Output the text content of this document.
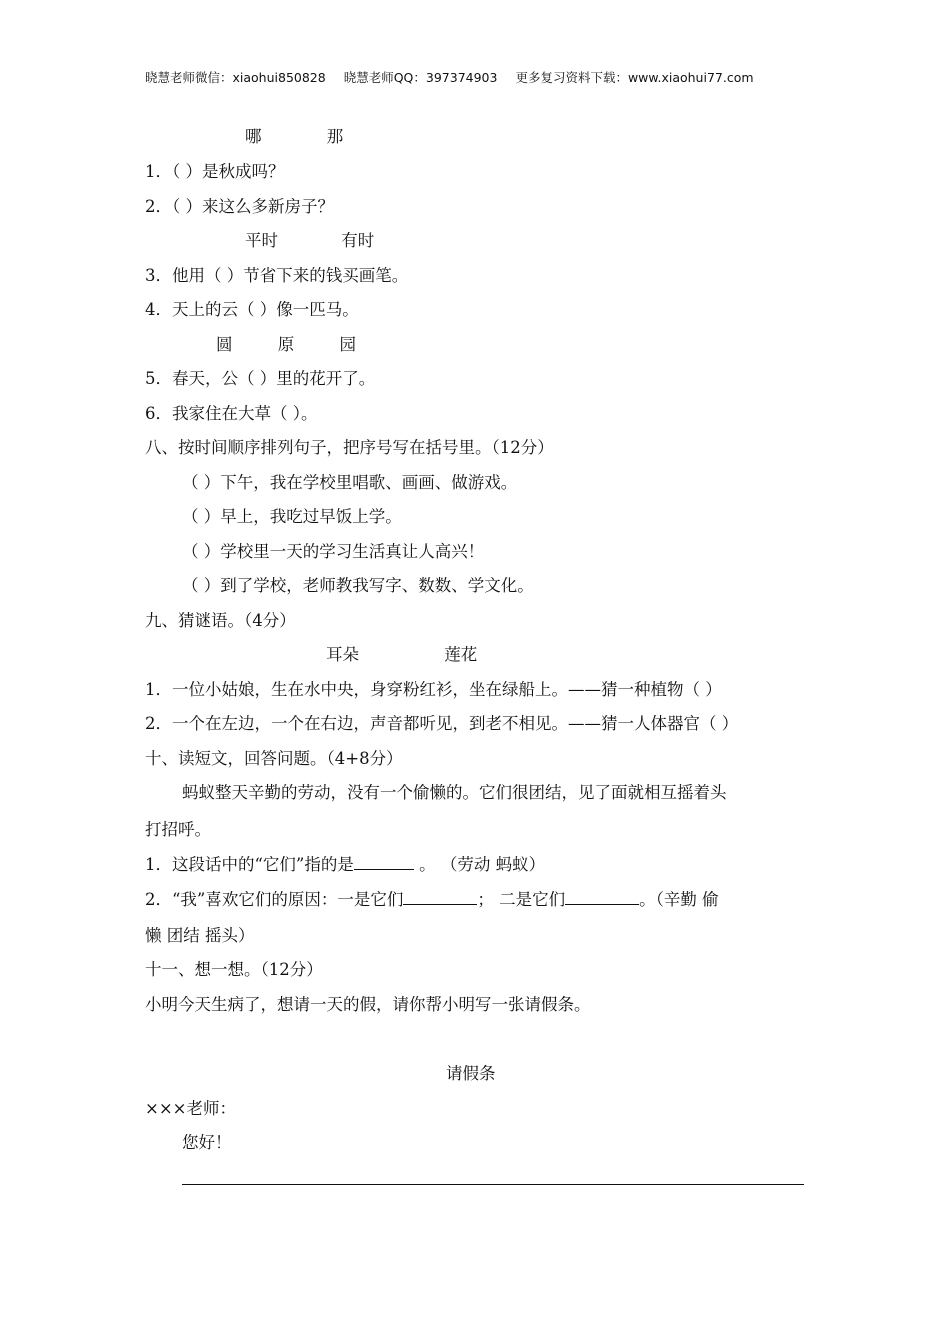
晓慧老师微信：xiaohui850828 晓慧老师QQ：397374903 更多复习资料下载：www.xiaohui77.com
哪	那
1．（ ）是秋成吗？
2．（ ）来这么多新房子？
平时	有时
3．他用（ ）节省下来的钱买画笔。
4．天上的云（ ）像一匹马。
圆	原	园
5．春天，公（ ）里的花开了。
6．我家住在大草（ ）。
八、按时间顺序排列句子，把序号写在括号里。（12分）
（ ）下午，我在学校里唱歌、画画、做游戏。
（ ）早上，我吃过早饭上学。
（ ）学校里一天的学习生活真让人高兴！
（ ）到了学校，老师教我写字、数数、学文化。
九、猜谜语。（4分）
耳朵	莲花
1．一位小姑娘，生在水中央，身穿粉红衫，坐在绿船上。——猜一种植物（ ）
2．一个在左边，一个在右边，声音都听见，到老不相见。——猜一人体器官（ ）
十、读短文，回答问题。（4+8分）
蚂蚁整天辛勤的劳动，没有一个偷懒的。它们很团结，见了面就相互摇着头
打招呼。
1．这段话中的“它们”指的是	。 （劳动 蚂蚁）
2．“我”喜欢它们的原因：一是它们	； 二是它们	。（辛勤 偷
懒 团结 摇头）
十一、想一想。（12分）
小明今天生病了，想请一天的假，请你帮小明写一张请假条。
请假条
×××老师：
您好！
